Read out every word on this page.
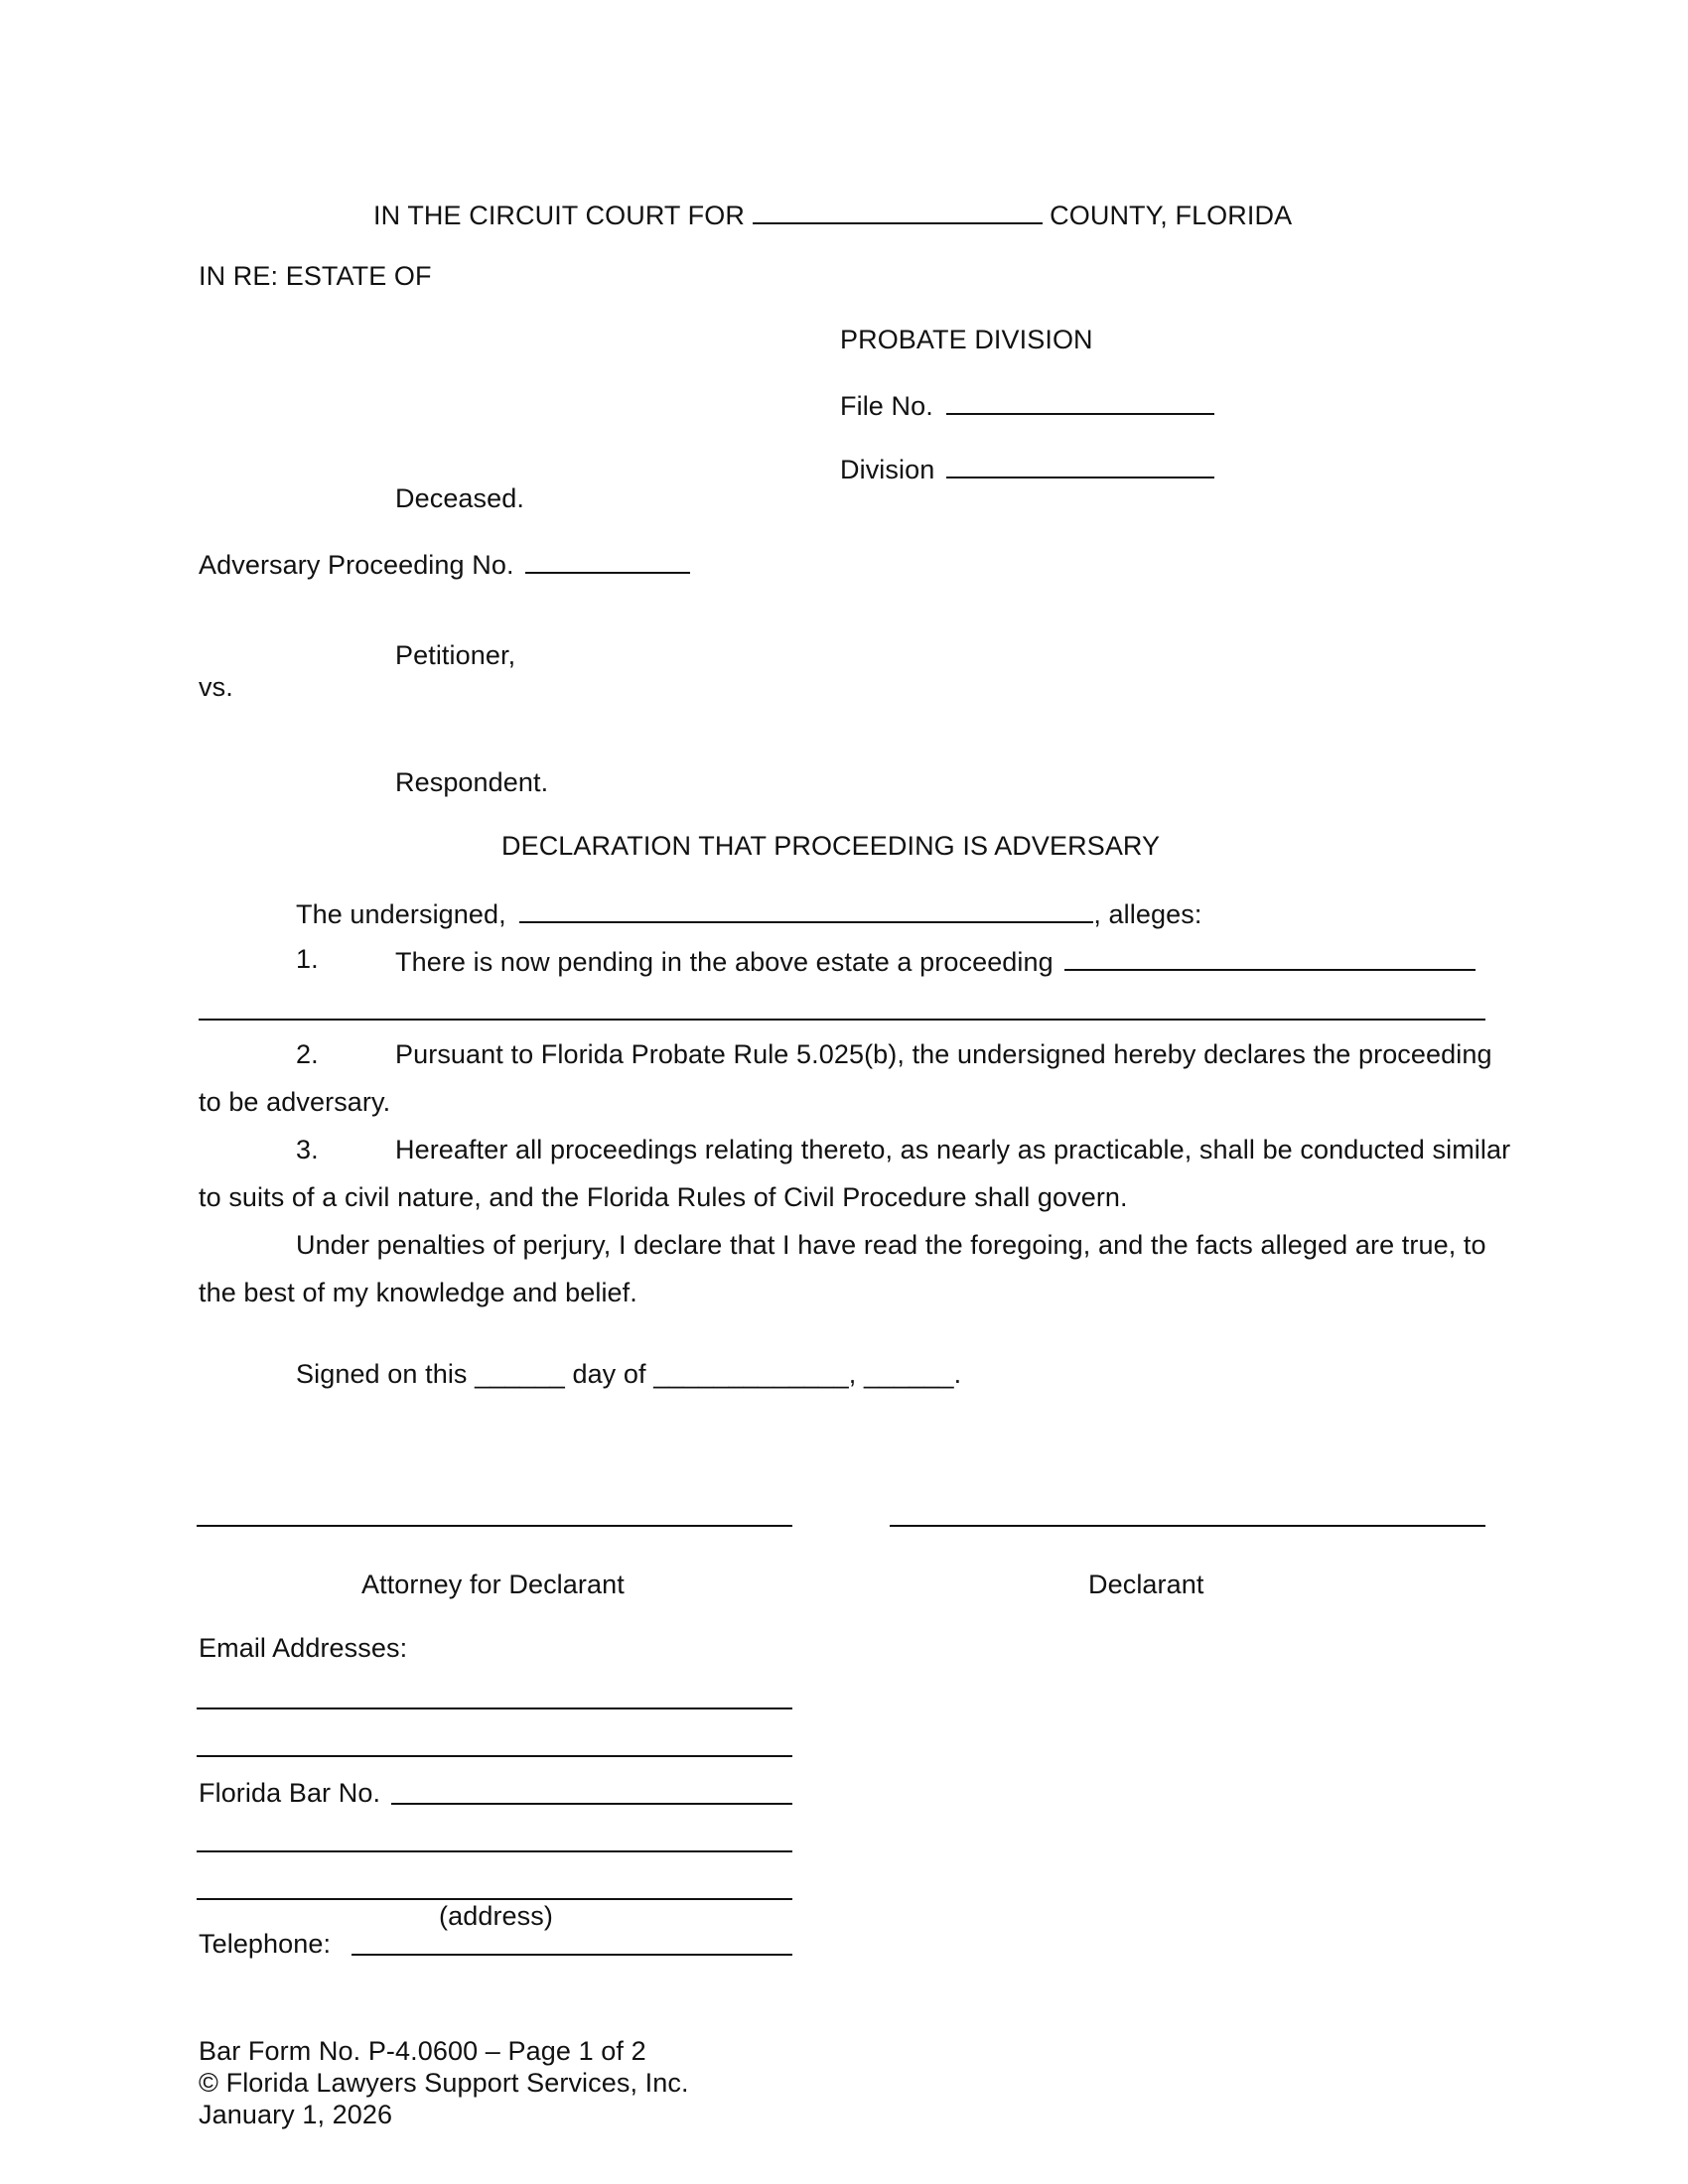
IN THE CIRCUIT COURT FOR	COUNTY, FLORIDA
IN RE: ESTATE OF
PROBATE DIVISION
File No.
Division
Deceased.
Adversary Proceeding No.
Petitioner,
vs.
Respondent.
DECLARATION THAT PROCEEDING IS ADVERSARY
The undersigned,	, alleges:
1.	There is now pending in the above estate a proceeding
2.	Pursuant to Florida Probate Rule 5.025(b), the undersigned hereby declares the proceeding
to be adversary.
3.	Hereafter all proceedings relating thereto, as nearly as practicable, shall be conducted similar
to suits of a civil nature, and the Florida Rules of Civil Procedure shall govern.
Under penalties of perjury, I declare that I have read the foregoing, and the facts alleged are true, to
the best of my knowledge and belief.
Signed on this ______ day of _____________, ______.
Attorney for Declarant	Declarant
Email Addresses:
Florida Bar No.
(address)
Telephone:
Bar Form No. P-4.0600 – Page 1 of 2
© Florida Lawyers Support Services, Inc.
January 1, 2026
